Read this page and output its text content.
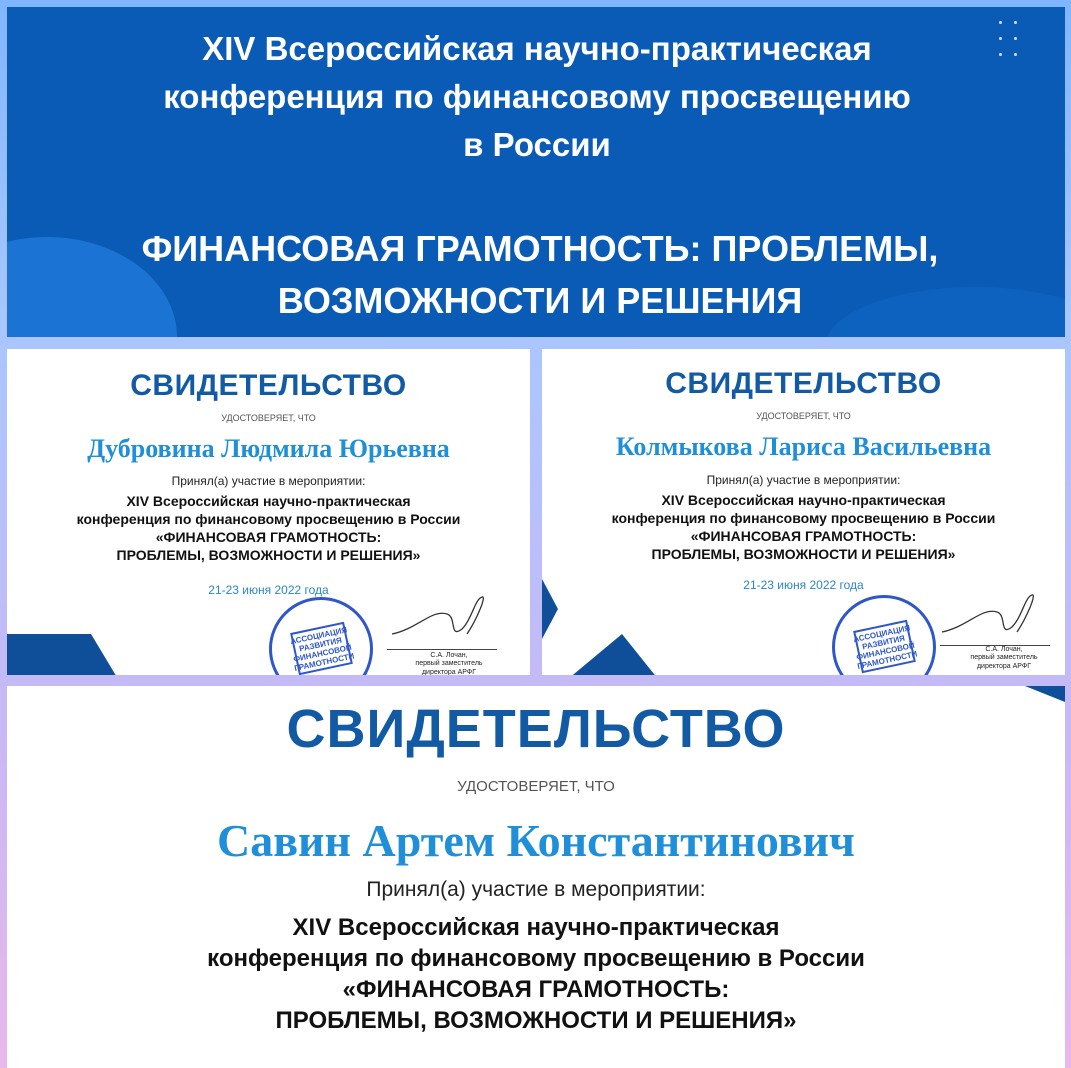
XIV Всероссийская научно-практическая
конференция по финансовому просвещению
в России
ФИНАНСОВАЯ ГРАМОТНОСТЬ: ПРОБЛЕМЫ,
ВОЗМОЖНОСТИ И РЕШЕНИЯ
СВИДЕТЕЛЬСТВО
УДОСТОВЕРЯЕТ, ЧТО
Дубровина Людмила Юрьевна
Принял(а) участие в мероприятии:
XIV Всероссийская научно-практическая
конференция по финансовому просвещению в России
«ФИНАНСОВАЯ ГРАМОТНОСТЬ:
ПРОБЛЕМЫ, ВОЗМОЖНОСТИ И РЕШЕНИЯ»
21-23 июня 2022 года
АССОЦИАЦИЯ РАЗВИТИЯ ФИНАНСОВОЙ ГРАМОТНОСТИ	С.А. Лочан,
первый заместитель
директора АРФГ
СВИДЕТЕЛЬСТВО
УДОСТОВЕРЯЕТ, ЧТО
Колмыкова Лариса Васильевна
Принял(а) участие в мероприятии:
XIV Всероссийская научно-практическая
конференция по финансовому просвещению в России
«ФИНАНСОВАЯ ГРАМОТНОСТЬ:
ПРОБЛЕМЫ, ВОЗМОЖНОСТИ И РЕШЕНИЯ»
21-23 июня 2022 года
АССОЦИАЦИЯ РАЗВИТИЯ ФИНАНСОВОЙ ГРАМОТНОСТИ	С.А. Лочан,
первый заместитель
директора АРФГ
СВИДЕТЕЛЬСТВО
УДОСТОВЕРЯЕТ, ЧТО
Савин Артем Константинович
Принял(а) участие в мероприятии:
XIV Всероссийская научно-практическая
конференция по финансовому просвещению в России
«ФИНАНСОВАЯ ГРАМОТНОСТЬ:
ПРОБЛЕМЫ, ВОЗМОЖНОСТИ И РЕШЕНИЯ»
